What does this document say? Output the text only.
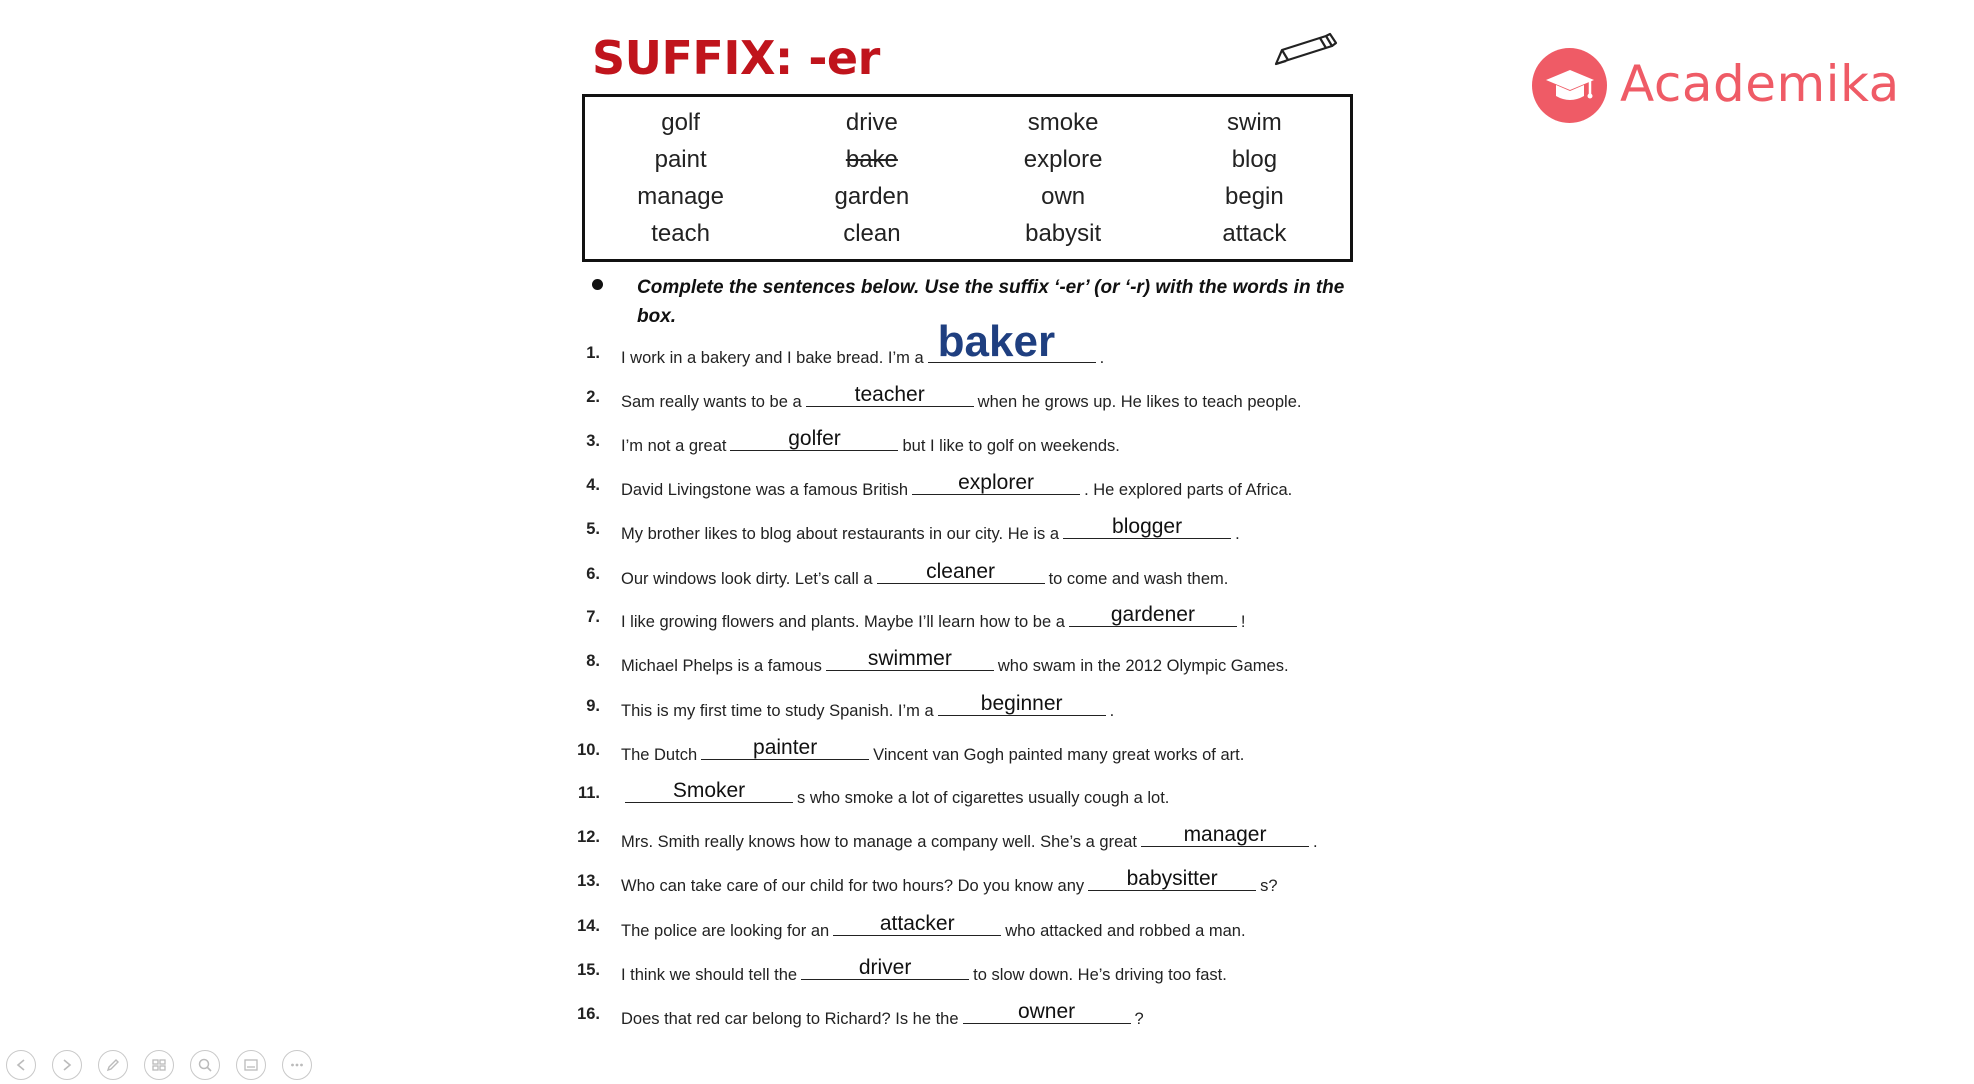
SUFFIX: -er
golf	drive	smoke	swim
paint	bake	explore	blog
manage	garden	own	begin
teach	clean	babysit	attack
Complete the sentences below. Use the suffix ‘-er’ (or ‘-r) with the words in the box.
1. I work in a bakery and I bake bread. I’m a baker	.
2. Sam really wants to be a	teacher	when he grows up. He likes to teach people.
3. I’m not a great	golfer	but I like to golf on weekends.
4. David Livingstone was a famous British	explorer	. He explored parts of Africa.
5. My brother likes to blog about restaurants in our city. He is a	blogger	.
6. Our windows look dirty. Let’s call a	cleaner	to come and wash them.
7. I like growing flowers and plants. Maybe I’ll learn how to be a	gardener	!
8. Michael Phelps is a famous	swimmer	who swam in the 2012 Olympic Games.
9. This is my first time to study Spanish. I’m a	beginner	.
10. The Dutch	painter	Vincent van Gogh painted many great works of art.
11.	Smoker	s who smoke a lot of cigarettes usually cough a lot.
12. Mrs. Smith really knows how to manage a company well. She’s a great	manager	.
13. Who can take care of our child for two hours? Do you know any	babysitter	s?
14. The police are looking for an	attacker	who attacked and robbed a man.
15. I think we should tell the	driver	to slow down. He’s driving too fast.
16. Does that red car belong to Richard? Is he the	owner	?
Academika
